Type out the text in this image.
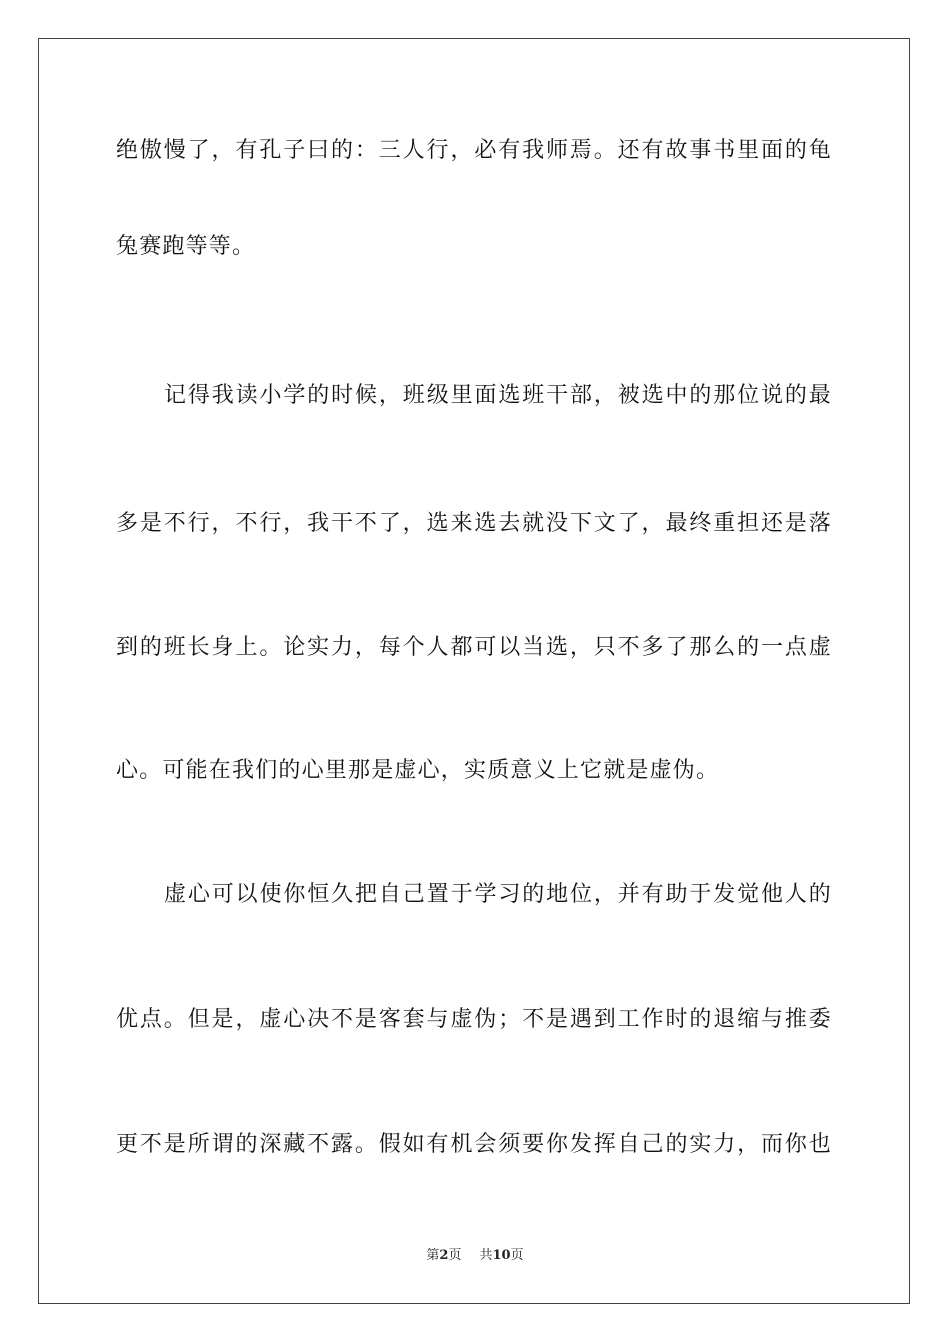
绝傲慢了，有孔子曰的：三人行，必有我师焉。还有故事书里面的龟
兔赛跑等等。
记得我读小学的时候，班级里面选班干部，被选中的那位说的最
多是不行，不行，我干不了，选来选去就没下文了，最终重担还是落
到的班长身上。论实力，每个人都可以当选，只不多了那么的一点虚
心。可能在我们的心里那是虚心，实质意义上它就是虚伪。
虚心可以使你恒久把自己置于学习的地位，并有助于发觉他人的
优点。但是，虚心决不是客套与虚伪；不是遇到工作时的退缩与推委
更不是所谓的深藏不露。假如有机会须要你发挥自己的实力，而你也
第2页 共10页
